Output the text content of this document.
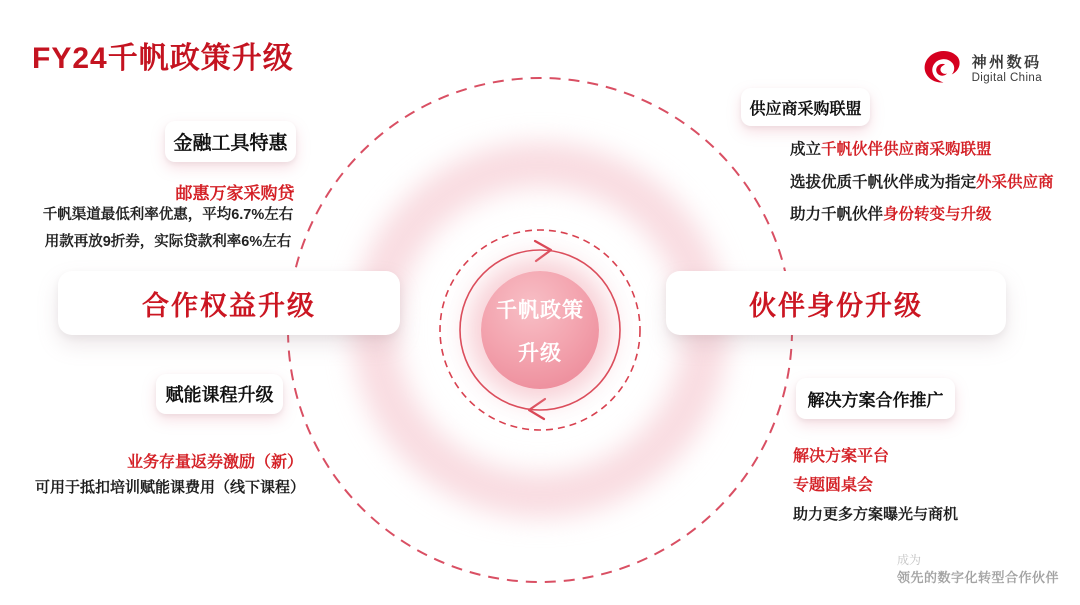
FY24千帆政策升级	神州数码
Digital China
千帆政策
升级
金融工具特惠
邮惠万家采购贷
千帆渠道最低利率优惠，平均6.7%左右
用款再放9折券，实际贷款利率6%左右
合作权益升级
赋能课程升级
业务存量返券激励（新）
可用于抵扣培训赋能课费用（线下课程）
供应商采购联盟
成立千帆伙伴供应商采购联盟
选拔优质千帆伙伴成为指定外采供应商
助力千帆伙伴身份转变与升级
伙伴身份升级
解决方案合作推广
解决方案平台
专题圆桌会
助力更多方案曝光与商机
成为
领先的数字化转型合作伙伴
